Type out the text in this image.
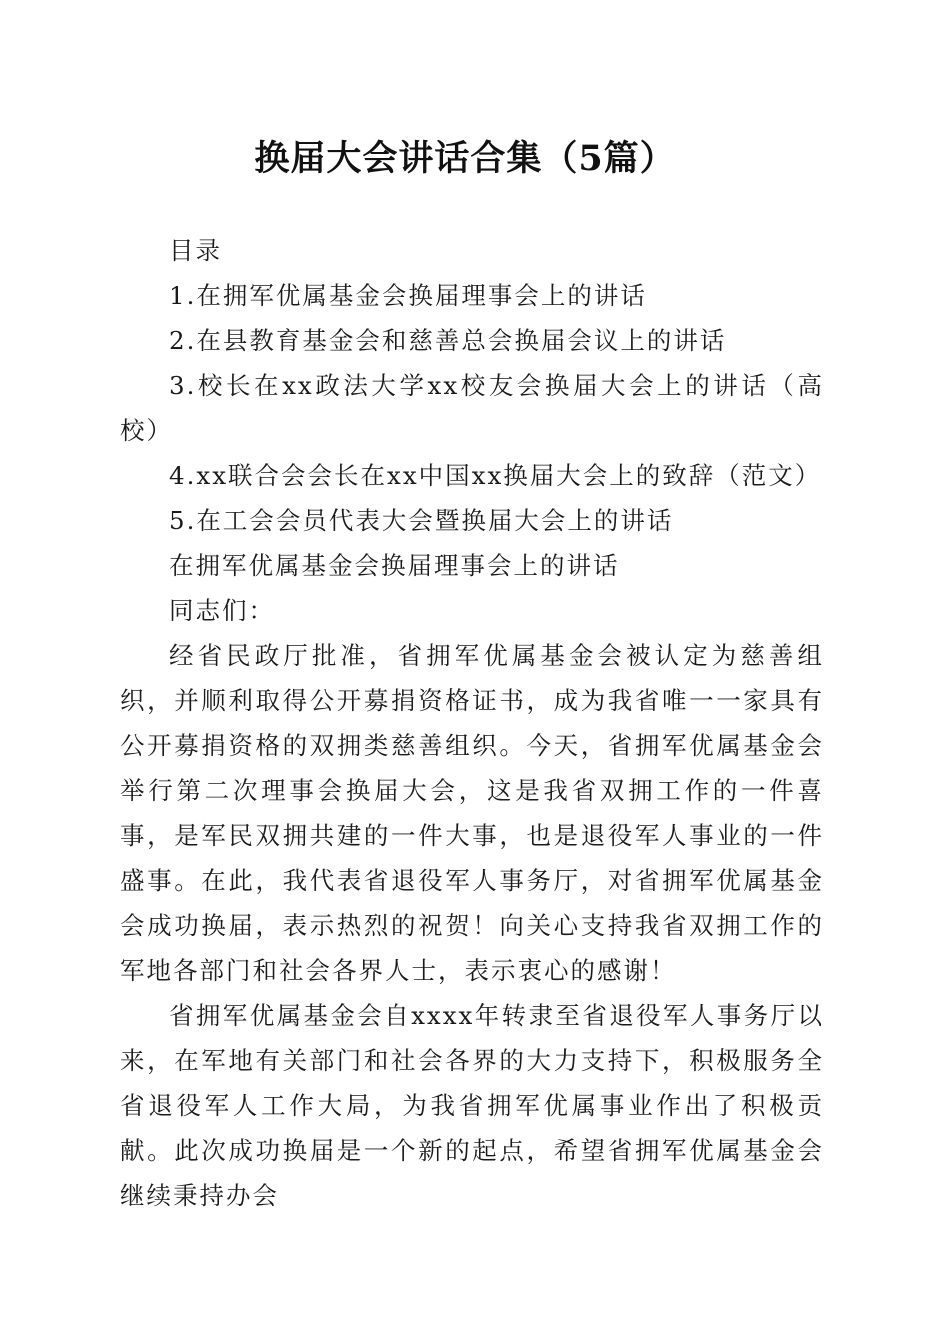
换届大会讲话合集（5篇）

目录

1.在拥军优属基金会换届理事会上的讲话

2.在县教育基金会和慈善总会换届会议上的讲话

3.校长在xx政法大学xx校友会换届大会上的讲话（高校）

4.xx联合会会长在xx中国xx换届大会上的致辞（范文）

5.在工会会员代表大会暨换届大会上的讲话

在拥军优属基金会换届理事会上的讲话

同志们：

经省民政厅批准，省拥军优属基金会被认定为慈善组织，并顺利取得公开募捐资格证书，成为我省唯一一家具有公开募捐资格的双拥类慈善组织。今天，省拥军优属基金会举行第二次理事会换届大会，这是我省双拥工作的一件喜事，是军民双拥共建的一件大事，也是退役军人事业的一件盛事。在此，我代表省退役军人事务厅，对省拥军优属基金会成功换届，表示热烈的祝贺！向关心支持我省双拥工作的军地各部门和社会各界人士，表示衷心的感谢！

省拥军优属基金会自xxxx年转隶至省退役军人事务厅以来，在军地有关部门和社会各界的大力支持下，积极服务全省退役军人工作大局，为我省拥军优属事业作出了积极贡献。此次成功换届是一个新的起点，希望省拥军优属基金会继续秉持办会
